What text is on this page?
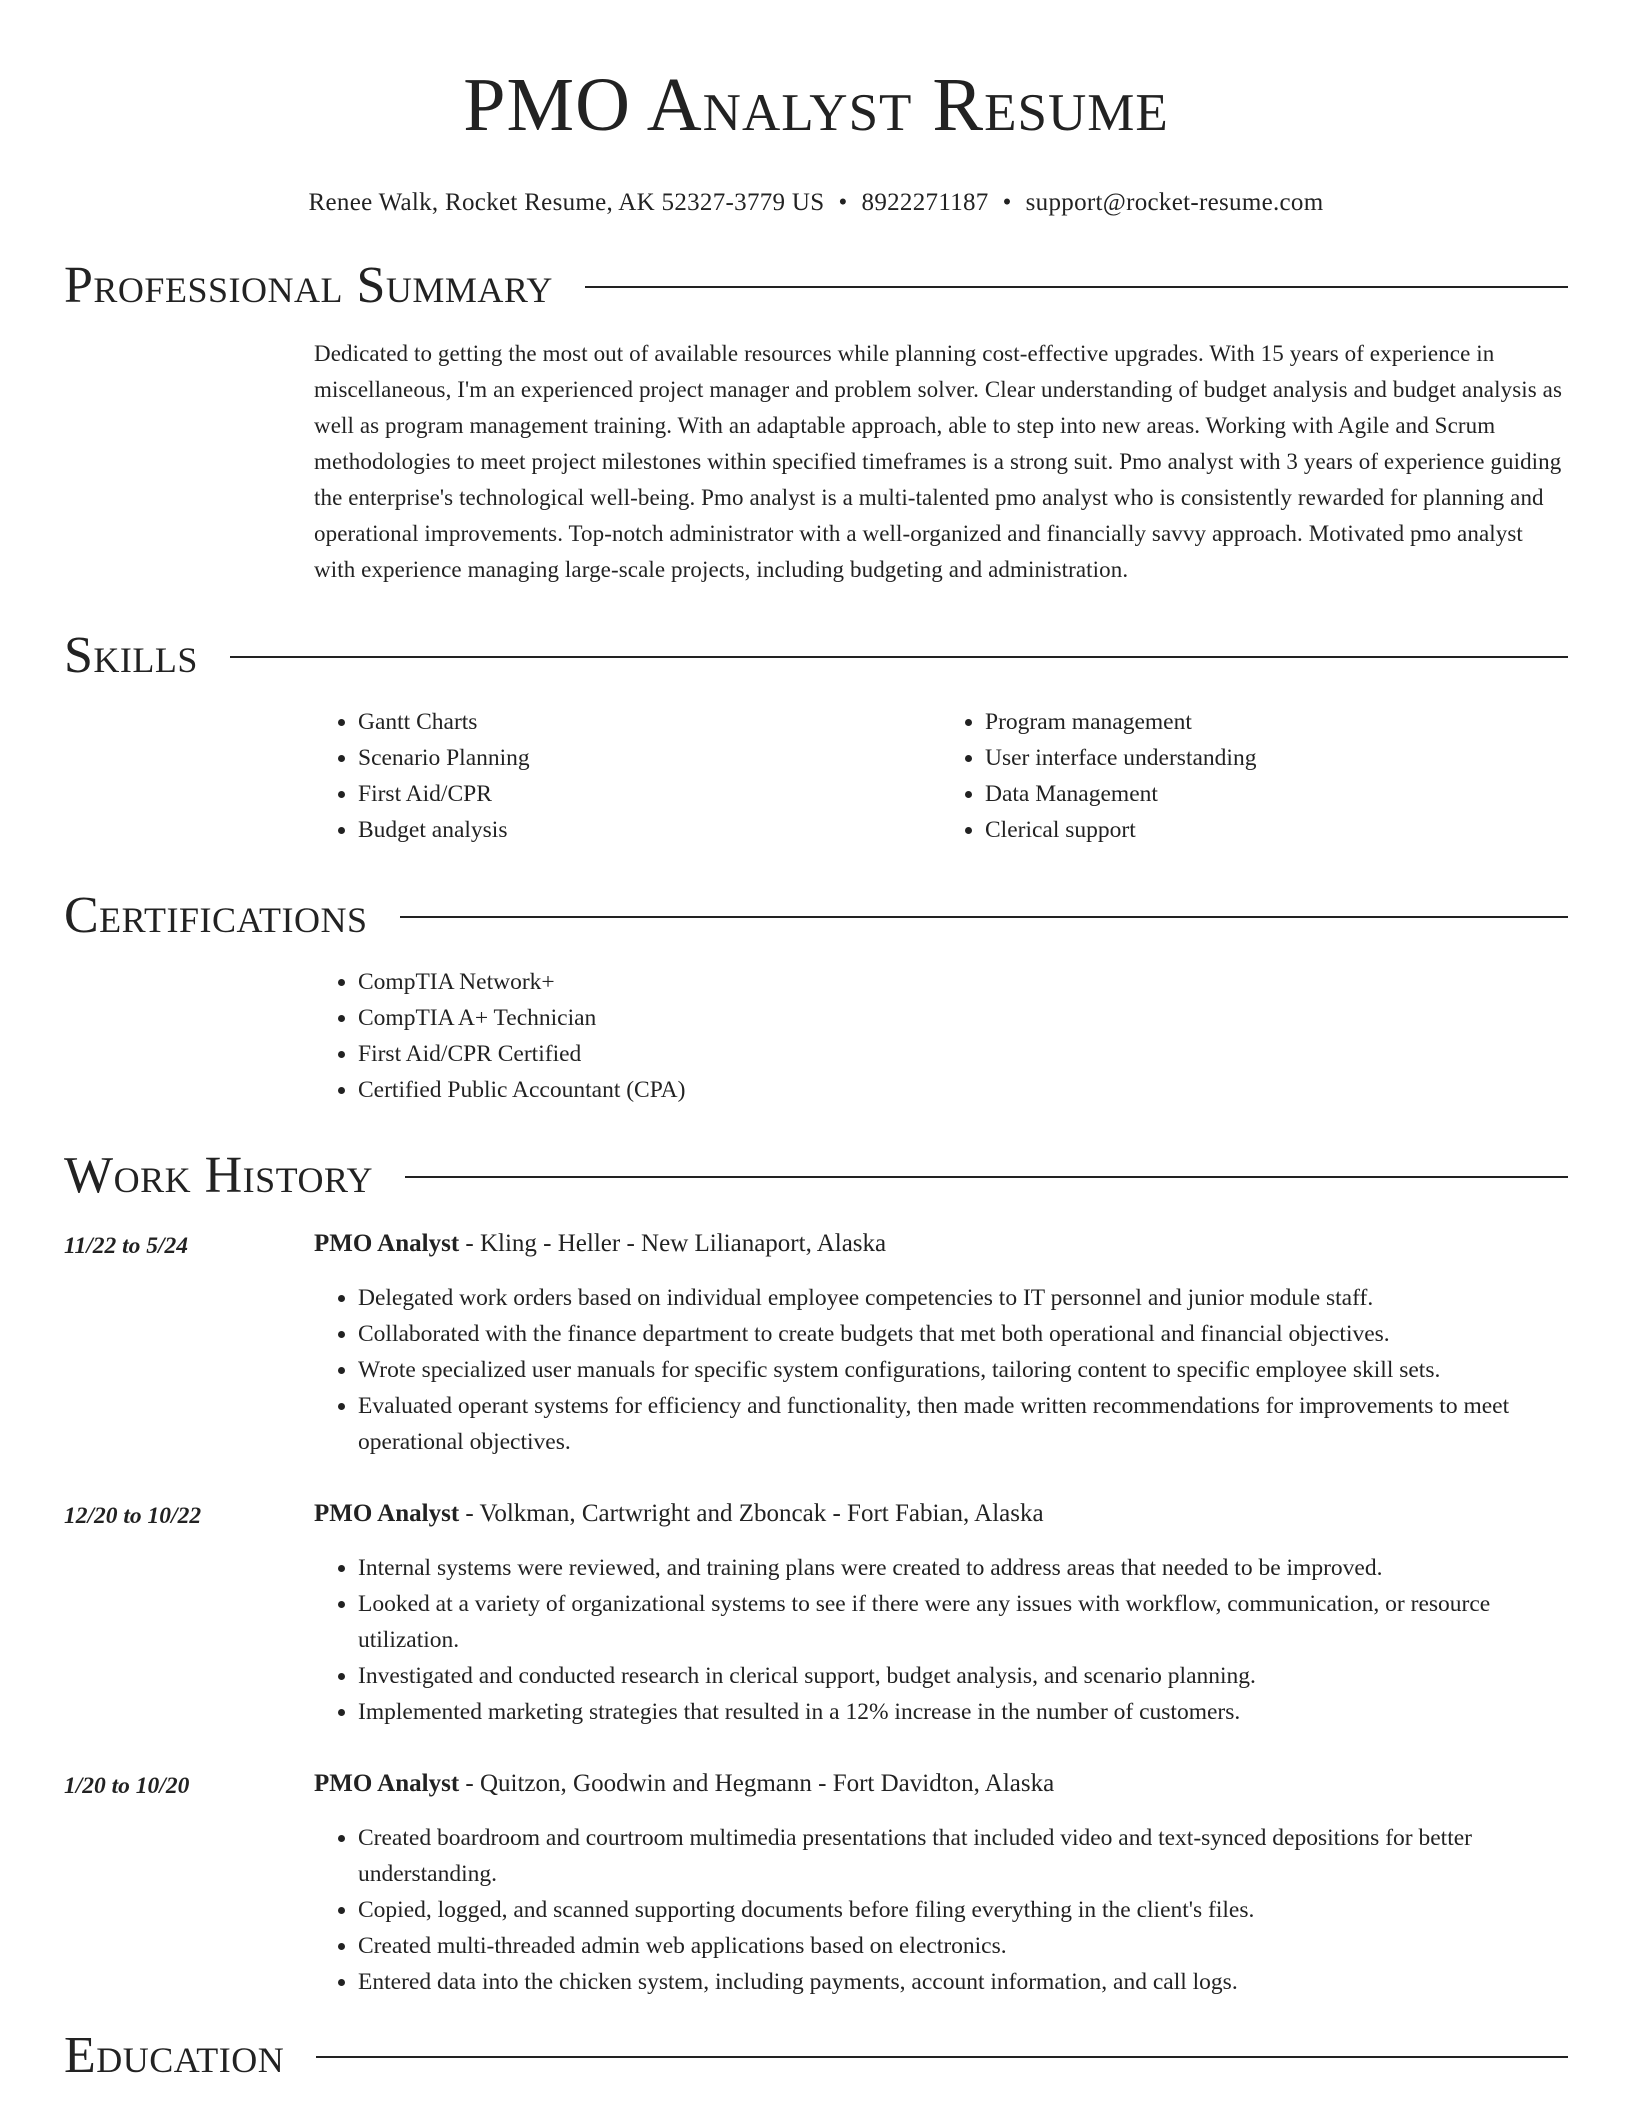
PMO Analyst Resume
Renee Walk, Rocket Resume, AK 52327-3779 US • 8922271187 • support@rocket-resume.com
Professional Summary
Dedicated to getting the most out of available resources while planning cost-effective upgrades. With 15 years of experience in miscellaneous, I'm an experienced project manager and problem solver. Clear understanding of budget analysis and budget analysis as well as program management training. With an adaptable approach, able to step into new areas. Working with Agile and Scrum methodologies to meet project milestones within specified timeframes is a strong suit. Pmo analyst with 3 years of experience guiding the enterprise's technological well-being. Pmo analyst is a multi-talented pmo analyst who is consistently rewarded for planning and operational improvements. Top-notch administrator with a well-organized and financially savvy approach. Motivated pmo analyst with experience managing large-scale projects, including budgeting and administration.
Skills
• Gantt Charts
• Scenario Planning
• First Aid/CPR
• Budget analysis
• Program management
• User interface understanding
• Data Management
• Clerical support
Certifications
• CompTIA Network+
• CompTIA A+ Technician
• First Aid/CPR Certified
• Certified Public Accountant (CPA)
Work History
11/22 to 5/24	PMO Analyst - Kling - Heller - New Lilianaport, Alaska
• Delegated work orders based on individual employee competencies to IT personnel and junior module staff.
• Collaborated with the finance department to create budgets that met both operational and financial objectives.
• Wrote specialized user manuals for specific system configurations, tailoring content to specific employee skill sets.
• Evaluated operant systems for efficiency and functionality, then made written recommendations for improvements to meet operational objectives.
12/20 to 10/22	PMO Analyst - Volkman, Cartwright and Zboncak - Fort Fabian, Alaska
• Internal systems were reviewed, and training plans were created to address areas that needed to be improved.
• Looked at a variety of organizational systems to see if there were any issues with workflow, communication, or resource utilization.
• Investigated and conducted research in clerical support, budget analysis, and scenario planning.
• Implemented marketing strategies that resulted in a 12% increase in the number of customers.
1/20 to 10/20	PMO Analyst - Quitzon, Goodwin and Hegmann - Fort Davidton, Alaska
• Created boardroom and courtroom multimedia presentations that included video and text-synced depositions for better understanding.
• Copied, logged, and scanned supporting documents before filing everything in the client's files.
• Created multi-threaded admin web applications based on electronics.
• Entered data into the chicken system, including payments, account information, and call logs.
Education
